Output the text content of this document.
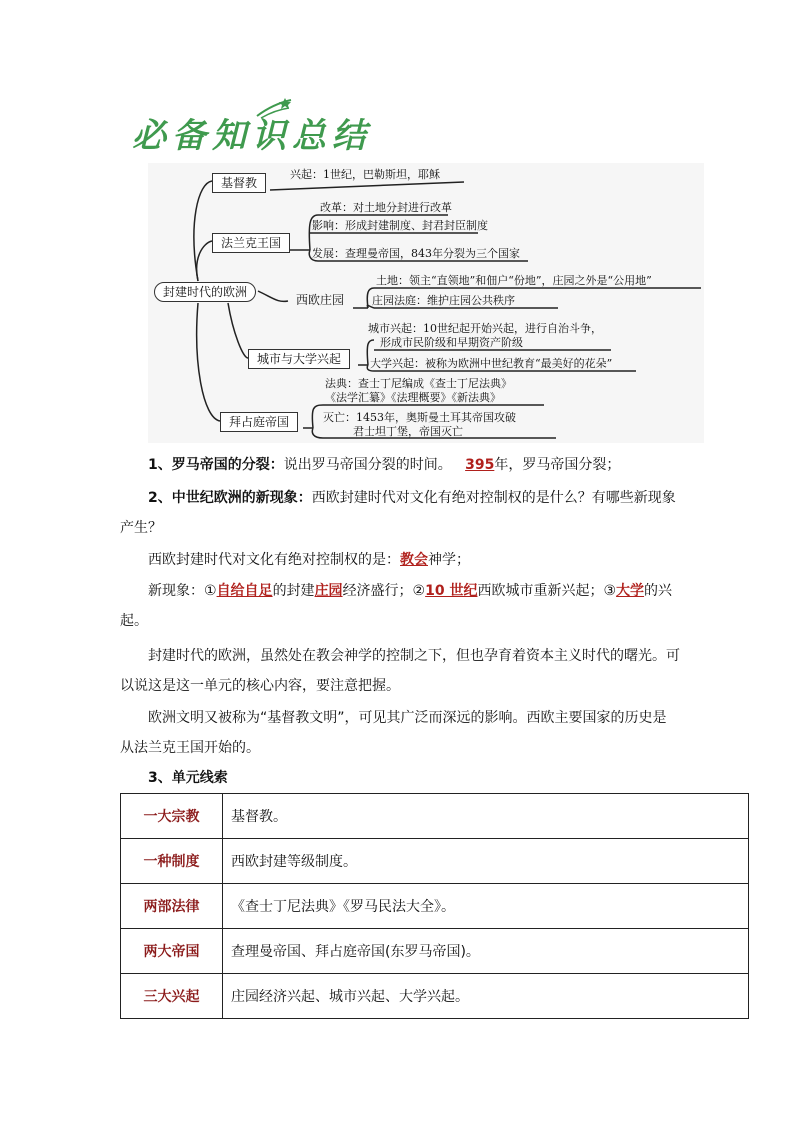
必备知识总结
封建时代的欧洲
基督教
法兰克王国
西欧庄园
城市与大学兴起
拜占庭帝国
兴起：1世纪，巴勒斯坦，耶稣
改革：对土地分封进行改革
影响：形成封建制度、封君封臣制度
发展：查理曼帝国，843年分裂为三个国家
土地：领主“直领地”和佃户“份地”，庄园之外是“公用地”
庄园法庭：维护庄园公共秩序
城市兴起：10世纪起开始兴起，进行自治斗争，
形成市民阶级和早期资产阶级
大学兴起：被称为欧洲中世纪教育“最美好的花朵”
法典：查士丁尼编成《查士丁尼法典》
《法学汇纂》《法理概要》《新法典》
灭亡：1453年，奥斯曼土耳其帝国攻破
君士坦丁堡，帝国灭亡
1、罗马帝国的分裂：说出罗马帝国分裂的时间。 395年，罗马帝国分裂；
2、中世纪欧洲的新现象：西欧封建时代对文化有绝对控制权的是什么？有哪些新现象产生？
西欧封建时代对文化有绝对控制权的是：教会神学；
新现象：①自给自足的封建庄园经济盛行；②10 世纪西欧城市重新兴起；③大学的兴起。
封建时代的欧洲，虽然处在教会神学的控制之下，但也孕育着资本主义时代的曙光。可以说这是这一单元的核心内容，要注意把握。
欧洲文明又被称为“基督教文明”，可见其广泛而深远的影响。西欧主要国家的历史是从法兰克王国开始的。
3、单元线索
一大宗教	基督教。
一种制度	西欧封建等级制度。
两部法律	《查士丁尼法典》《罗马民法大全》。
两大帝国	查理曼帝国、拜占庭帝国(东罗马帝国)。
三大兴起	庄园经济兴起、城市兴起、大学兴起。
